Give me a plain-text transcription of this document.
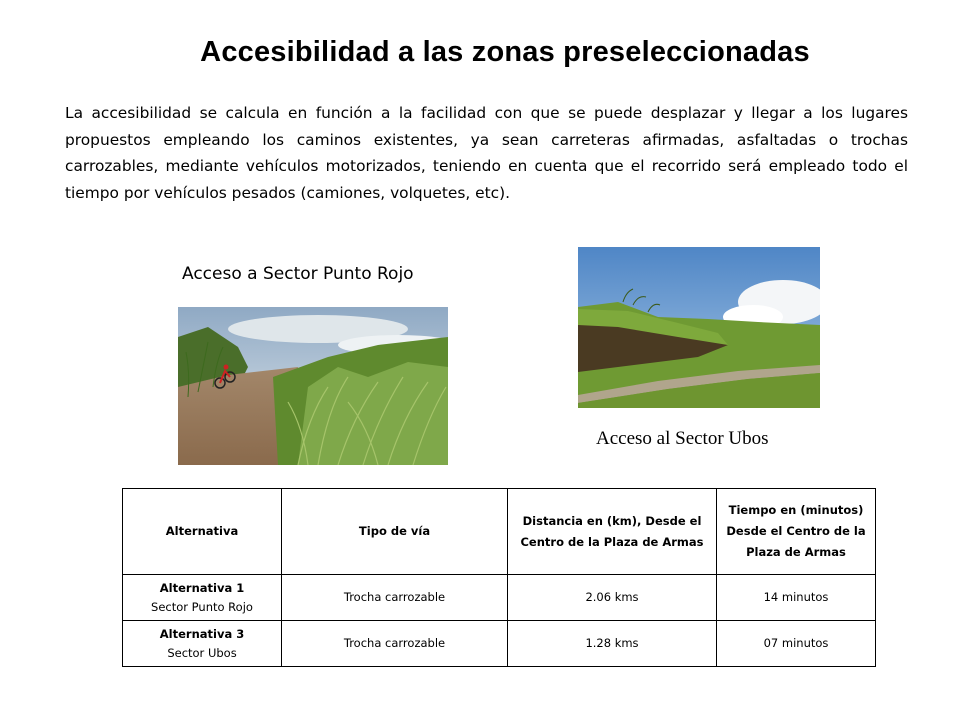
Accesibilidad a las zonas preseleccionadas
La accesibilidad se calcula en función a la facilidad con que se puede desplazar y llegar a los lugares propuestos empleando los caminos existentes, ya sean carreteras afirmadas, asfaltadas o trochas carrozables, mediante vehículos motorizados, teniendo en cuenta que el recorrido será empleado todo el tiempo por vehículos pesados (camiones, volquetes, etc).
Acceso a Sector Punto Rojo
Acceso al Sector Ubos
Alternativa	Tipo de vía	Distancia en (km), Desde el Centro de la Plaza de Armas	Tiempo en (minutos) Desde el Centro de la Plaza de Armas

Alternativa 1
Sector Punto Rojo	Trocha carrozable	2.06 kms	14 minutos

Alternativa 3
Sector Ubos	Trocha carrozable	1.28 kms	07 minutos
